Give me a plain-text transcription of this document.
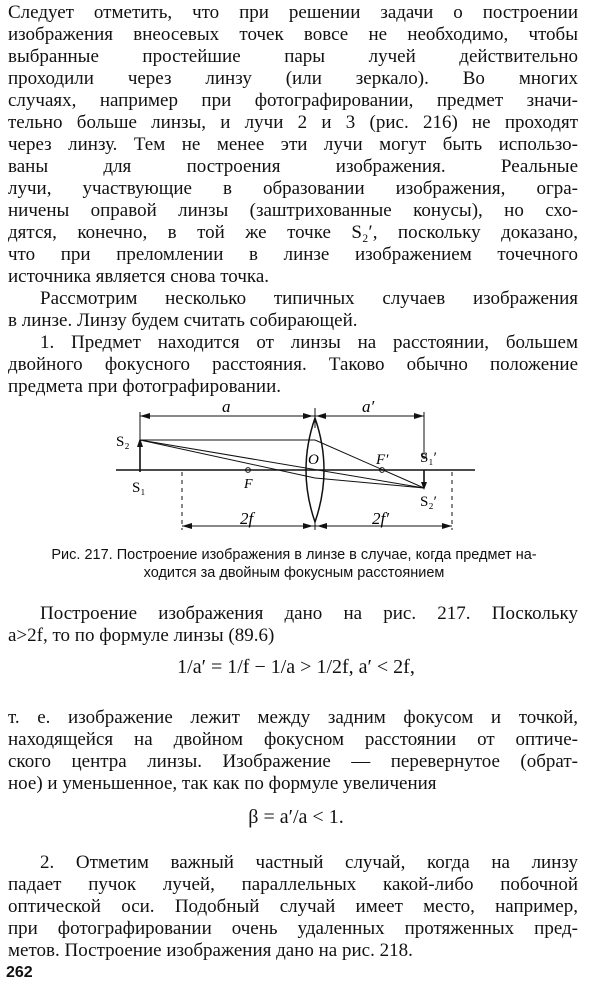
Следует отметить, что при решении задачи о построении
изображения внеосевых точек вовсе не необходимо, чтобы
выбранные простейшие пары лучей действительно
проходили через линзу (или зеркало). Во многих
случаях, например при фотографировании, предмет значи-
тельно больше линзы, и лучи 2 и 3 (рис. 216) не проходят
через линзу. Тем не менее эти лучи могут быть использо-
ваны для построения изображения. Реальные
лучи, участвующие в образовании изображения, огра-
ничены оправой линзы (заштрихованные конусы), но схо-
дятся, конечно, в той же точке S₂′, поскольку доказано,
что при преломлении в линзе изображением точечного
источника является снова точка.
Рассмотрим несколько типичных случаев изображения
в линзе. Линзу будем считать собирающей.
1. Предмет находится от линзы на расстоянии, большем
двойного фокусного расстояния. Таково обычно положение
предмета при фотографировании.
a	a′
S₂
S₁
O
F
F′ S₁′
S₂′
2f	2f′
Рис. 217. Построение изображения в линзе в случае, когда предмет на-
ходится за двойным фокусным расстоянием
Построение изображения дано на рис. 217. Поскольку
a>2f, то по формуле линзы (89.6)
1/a′ = 1/f − 1/a > 1/2f, a′ < 2f,
т. е. изображение лежит между задним фокусом и точкой,
находящейся на двойном фокусном расстоянии от оптиче-
ского центра линзы. Изображение — перевернутое (обрат-
ное) и уменьшенное, так как по формуле увеличения
β = a′/a < 1.
2. Отметим важный частный случай, когда на линзу
падает пучок лучей, параллельных какой-либо побочной
оптической оси. Подобный случай имеет место, например,
при фотографировании очень удаленных протяженных пред-
метов. Построение изображения дано на рис. 218.
262
